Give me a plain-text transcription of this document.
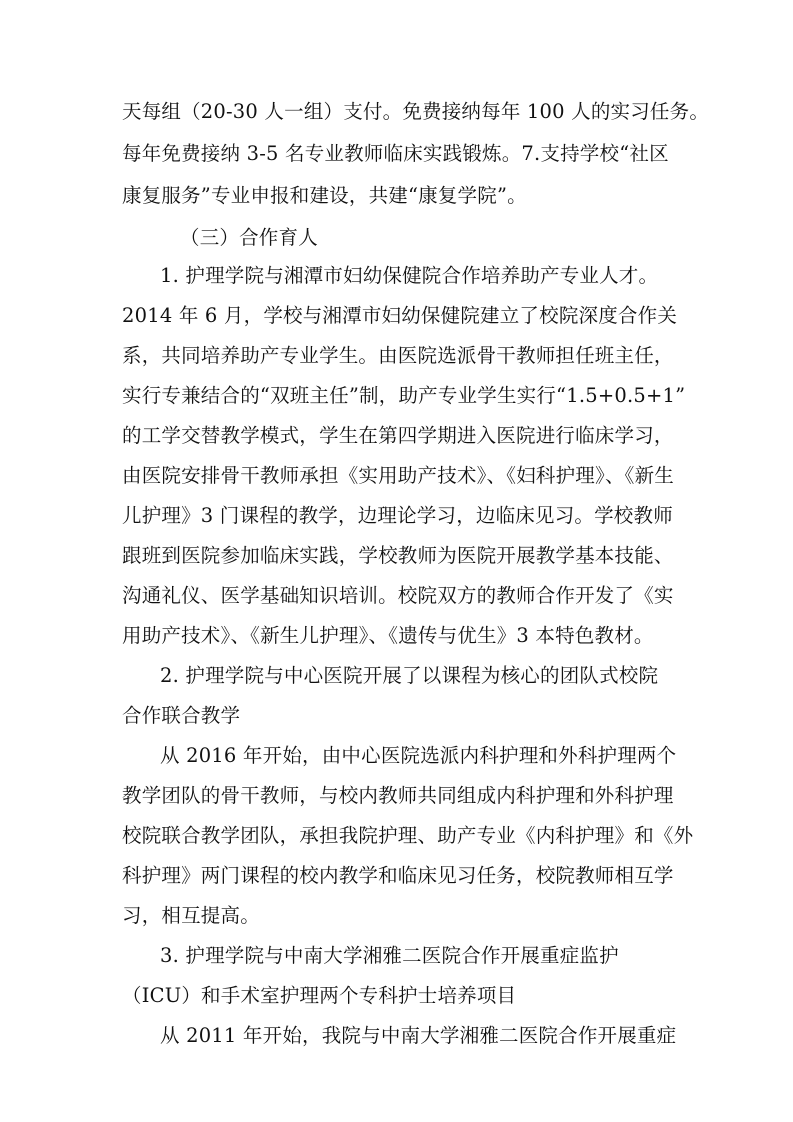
天每组（20-30 人一组）支付。免费接纳每年 100 人的实习任务。
每年免费接纳 3-5 名专业教师临床实践锻炼。7.支持学校“社区
康复服务”专业申报和建设，共建“康复学院”。
（三）合作育人
1. 护理学院与湘潭市妇幼保健院合作培养助产专业人才。
2014 年 6 月，学校与湘潭市妇幼保健院建立了校院深度合作关
系，共同培养助产专业学生。由医院选派骨干教师担任班主任，
实行专兼结合的“双班主任”制，助产专业学生实行“1.5+0.5+1”
的工学交替教学模式，学生在第四学期进入医院进行临床学习，
由医院安排骨干教师承担《实用助产技术》、《妇科护理》、《新生
儿护理》3 门课程的教学，边理论学习，边临床见习。学校教师
跟班到医院参加临床实践，学校教师为医院开展教学基本技能、
沟通礼仪、医学基础知识培训。校院双方的教师合作开发了《实
用助产技术》、《新生儿护理》、《遗传与优生》3 本特色教材。
2. 护理学院与中心医院开展了以课程为核心的团队式校院
合作联合教学
从 2016 年开始，由中心医院选派内科护理和外科护理两个
教学团队的骨干教师，与校内教师共同组成内科护理和外科护理
校院联合教学团队，承担我院护理、助产专业《内科护理》和《外
科护理》两门课程的校内教学和临床见习任务，校院教师相互学
习，相互提高。
3. 护理学院与中南大学湘雅二医院合作开展重症监护
（ICU）和手术室护理两个专科护士培养项目
从 2011 年开始，我院与中南大学湘雅二医院合作开展重症
